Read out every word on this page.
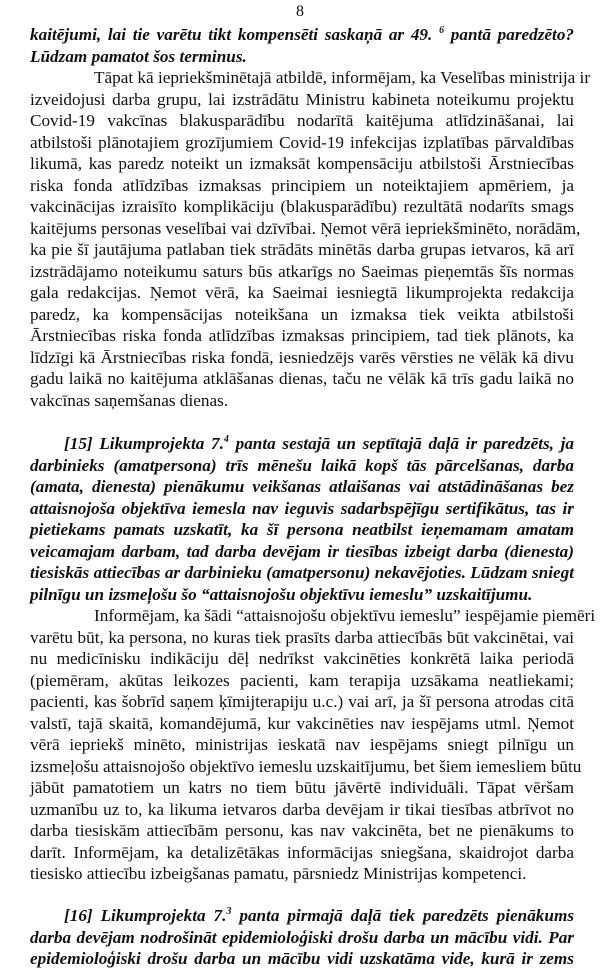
8
kaitējumi, lai tie varētu tikt kompensēti saskaņā ar 49. $^6$ pantā paredzēto?
Lūdzam pamatot šos terminus.
Tāpat kā iepriekšminētajā atbildē, informējam, ka Veselības ministrija ir
izveidojusi darba grupu, lai izstrādātu Ministru kabineta noteikumu projektu
Covid-19 vakcīnas blakusparādību nodarītā kaitējuma atlīdzināšanai, lai
atbilstoši plānotajiem grozījumiem Covid-19 infekcijas izplatības pārvaldības
likumā, kas paredz noteikt un izmaksāt kompensāciju atbilstoši Ārstniecības
riska fonda atlīdzības izmaksas principiem un noteiktajiem apmēriem, ja
vakcinācijas izraisīto komplikāciju (blakusparādību) rezultātā nodarīts smags
kaitējums personas veselībai vai dzīvībai. Ņemot vērā iepriekšminēto, norādām,
ka pie šī jautājuma patlaban tiek strādāts minētās darba grupas ietvaros, kā arī
izstrādājamo noteikumu saturs būs atkarīgs no Saeimas pieņemtās šīs normas
gala redakcijas. Ņemot vērā, ka Saeimai iesniegtā likumprojekta redakcija
paredz, ka kompensācijas noteikšana un izmaksa tiek veikta atbilstoši
Ārstniecības riska fonda atlīdzības izmaksas principiem, tad tiek plānots, ka
līdzīgi kā Ārstniecības riska fondā, iesniedzējs varēs vērsties ne vēlāk kā divu
gadu laikā no kaitējuma atklāšanas dienas, taču ne vēlāk kā trīs gadu laikā no
vakcīnas saņemšanas dienas.
[15] Likumprojekta 7.$^4$ panta sestajā un septītajā daļā ir paredzēts, ja
darbinieks (amatpersona) trīs mēnešu laikā kopš tās pārcelšanas, darba
(amata, dienesta) pienākumu veikšanas atlaišanas vai atstādināšanas bez
attaisnojoša objektīva iemesla nav ieguvis sadarbspējīgu sertifikātus, tas ir
pietiekams pamats uzskatīt, ka šī persona neatbilst ieņemamam amatam
veicamajam darbam, tad darba devējam ir tiesības izbeigt darba (dienesta)
tiesiskās attiecības ar darbinieku (amatpersonu) nekavējoties. Lūdzam sniegt
pilnīgu un izsmeļošu šo “attaisnojošu objektīvu iemeslu” uzskaitījumu.
Informējam, ka šādi “attaisnojošu objektīvu iemeslu” iespējamie piemēri
varētu būt, ka persona, no kuras tiek prasīts darba attiecībās būt vakcinētai, vai
nu medicīnisku indikāciju dēļ nedrīkst vakcinēties konkrētā laika periodā
(piemēram, akūtas leikozes pacienti, kam terapija uzsākama neatliekami;
pacienti, kas šobrīd saņem ķīmijterapiju u.c.) vai arī, ja šī persona atrodas citā
valstī, tajā skaitā, komandējumā, kur vakcinēties nav iespējams utml. Ņemot
vērā iepriekš minēto, ministrijas ieskatā nav iespējams sniegt pilnīgu un
izsmeļošu attaisnojošo objektīvo iemeslu uzskaitījumu, bet šiem iemesliem būtu
jābūt pamatotiem un katrs no tiem būtu jāvērtē individuāli. Tāpat vēršam
uzmanību uz to, ka likuma ietvaros darba devējam ir tikai tiesības atbrīvot no
darba tiesiskām attiecībām personu, kas nav vakcinēta, bet ne pienākums to
darīt. Informējam, ka detalizētākas informācijas sniegšana, skaidrojot darba
tiesisko attiecību izbeigšanas pamatu, pārsniedz Ministrijas kompetenci.
[16] Likumprojekta 7.$^3$ panta pirmajā daļā tiek paredzēts pienākums
darba devējam nodrošināt epidemioloģiski drošu darba un mācību vidi. Par
epidemioloģiski drošu darba un mācību vidi uzskatāma vide, kurā ir zems
